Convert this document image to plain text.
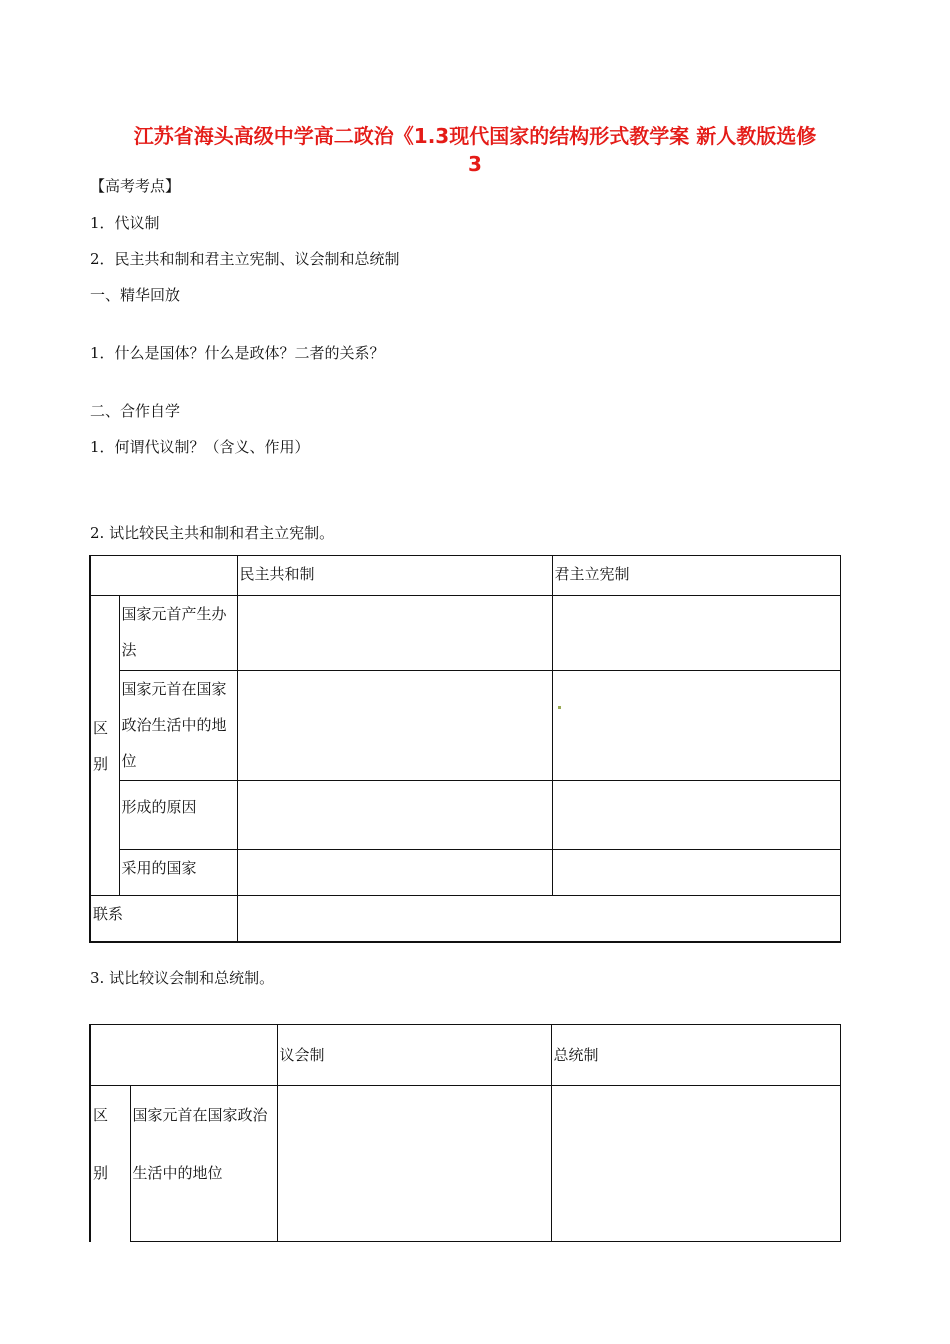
江苏省海头高级中学高二政治《1.3现代国家的结构形式教学案 新人教版选修
3
【高考考点】
1．代议制
2．民主共和制和君主立宪制、议会制和总统制
一、精华回放
1．什么是国体？什么是政体？二者的关系？
二、合作自学
1．何谓代议制？（含义、作用）
2. 试比较民主共和制和君主立宪制。
		民主共和制	君主立宪制
区
别	国家元首产生办法		
	国家元首在国家政治生活中的地位		
	形成的原因		
	采用的国家		
联系			
3. 试比较议会制和总统制。
		议会制	总统制
区
别	国家元首在国家政治生活中的地位		
